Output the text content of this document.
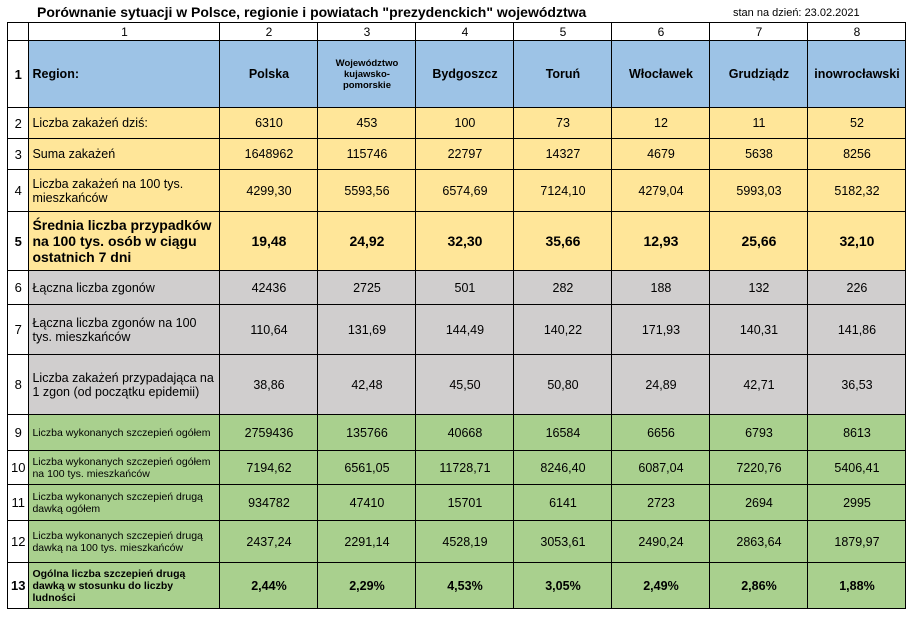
Porównanie sytuacji w Polsce, regionie i powiatach "prezydenckich" województwa	stan na dzień: 23.02.2021
	1	2	3	4	5	6	7	8
1	Region:	Polska	Województwo kujawsko-pomorskie	Bydgoszcz	Toruń	Włocławek	Grudziądz	inowrocławski
2	Liczba zakażeń dziś:	6310	453	100	73	12	11	52
3	Suma zakażeń	1648962	115746	22797	14327	4679	5638	8256
4	Liczba zakażeń na 100 tys. mieszkańców	4299,30	5593,56	6574,69	7124,10	4279,04	5993,03	5182,32
5	Średnia liczba przypadków na 100 tys. osób w ciągu ostatnich 7 dni	19,48	24,92	32,30	35,66	12,93	25,66	32,10
6	Łączna liczba zgonów	42436	2725	501	282	188	132	226
7	Łączna liczba zgonów na 100 tys. mieszkańców	110,64	131,69	144,49	140,22	171,93	140,31	141,86
8	Liczba zakażeń przypadająca na 1 zgon (od początku epidemii)	38,86	42,48	45,50	50,80	24,89	42,71	36,53
9	Liczba wykonanych szczepień ogółem	2759436	135766	40668	16584	6656	6793	8613
10	Liczba wykonanych szczepień ogółem na 100 tys. mieszkańców	7194,62	6561,05	11728,71	8246,40	6087,04	7220,76	5406,41
11	Liczba wykonanych szczepień drugą dawką ogółem	934782	47410	15701	6141	2723	2694	2995
12	Liczba wykonanych szczepień drugą dawką na 100 tys. mieszkańców	2437,24	2291,14	4528,19	3053,61	2490,24	2863,64	1879,97
13	Ogólna liczba szczepień drugą dawką w stosunku do liczby ludności	2,44%	2,29%	4,53%	3,05%	2,49%	2,86%	1,88%
